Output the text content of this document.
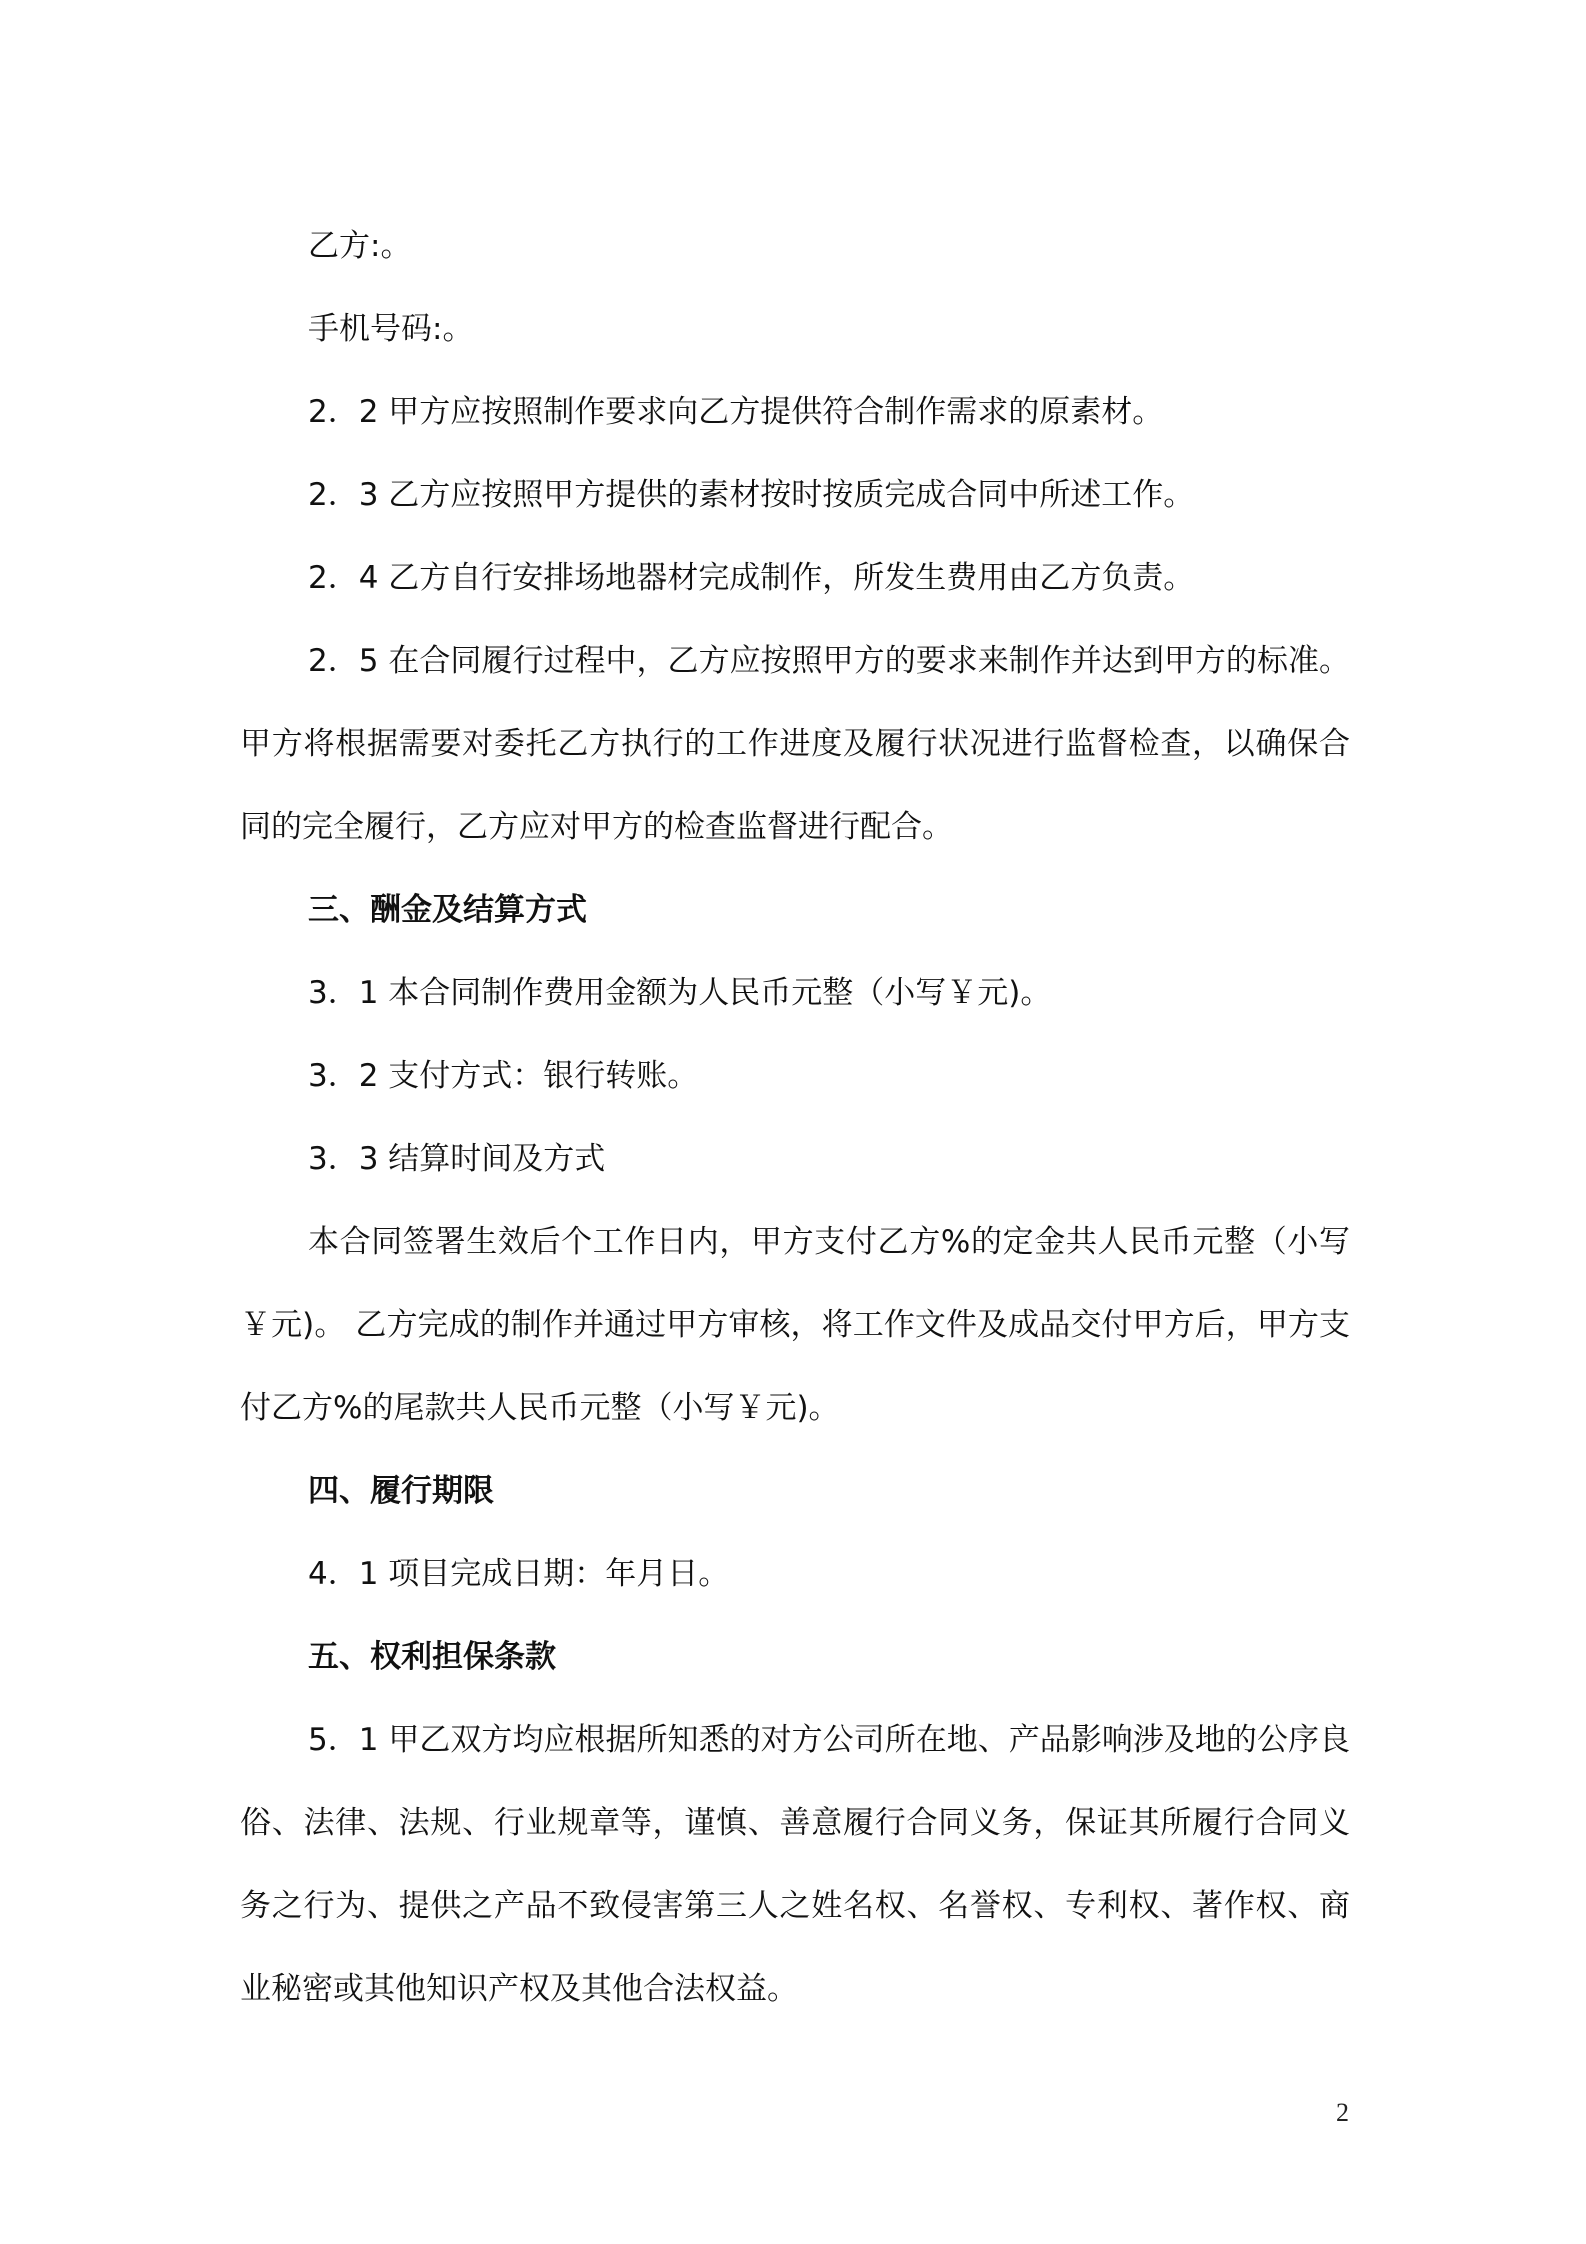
乙方:。

手机号码:。

2．2 甲方应按照制作要求向乙方提供符合制作需求的原素材。

2．3 乙方应按照甲方提供的素材按时按质完成合同中所述工作。

2．4 乙方自行安排场地器材完成制作，所发生费用由乙方负责。

2．5 在合同履行过程中，乙方应按照甲方的要求来制作并达到甲方的标准。甲方将根据需要对委托乙方执行的工作进度及履行状况进行监督检查，以确保合同的完全履行，乙方应对甲方的检查监督进行配合。

三、酬金及结算方式

3．1 本合同制作费用金额为人民币元整（小写￥元)。

3．2 支付方式：银行转账。

3．3 结算时间及方式

本合同签署生效后个工作日内，甲方支付乙方%的定金共人民币元整（小写￥元)。 乙方完成的制作并通过甲方审核，将工作文件及成品交付甲方后，甲方支付乙方%的尾款共人民币元整（小写￥元)。

四、履行期限

4．1 项目完成日期：年月日。

五、权利担保条款

5．1 甲乙双方均应根据所知悉的对方公司所在地、产品影响涉及地的公序良俗、法律、法规、行业规章等，谨慎、善意履行合同义务，保证其所履行合同义务之行为、提供之产品不致侵害第三人之姓名权、名誉权、专利权、著作权、商业秘密或其他知识产权及其他合法权益。

2
